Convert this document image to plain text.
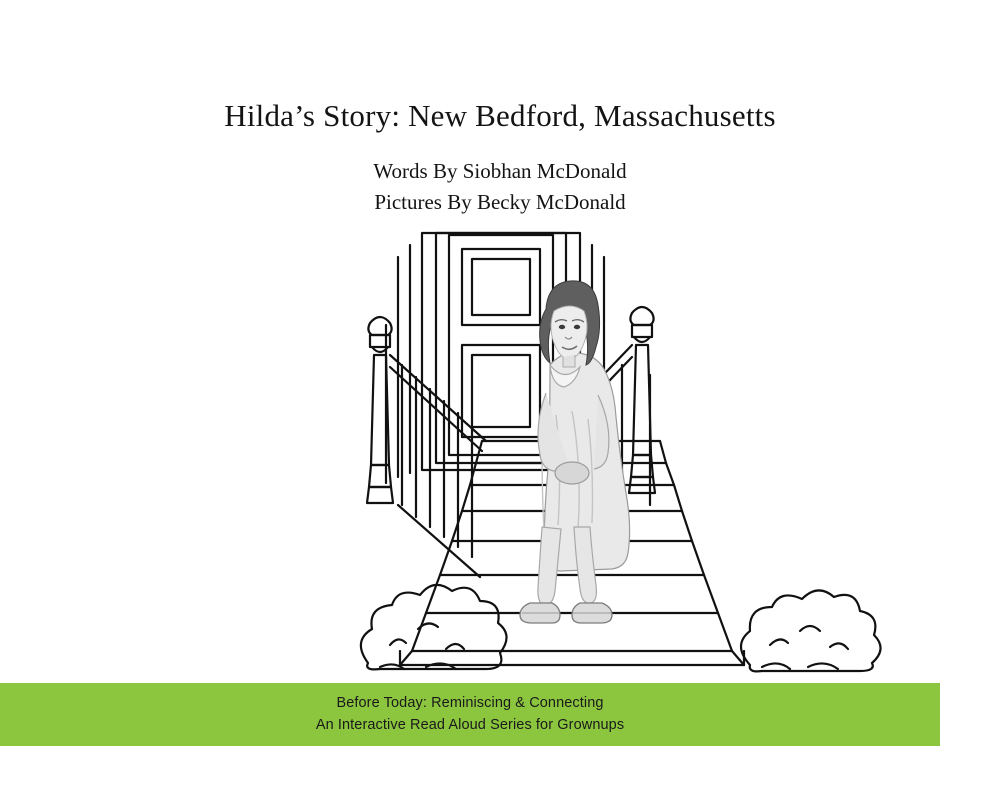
Hilda’s Story: New Bedford, Massachusetts

Words By Siobhan McDonald

Pictures By Becky McDonald

Before Today: Reminiscing & Connecting
An Interactive Read Aloud Series for Grownups
